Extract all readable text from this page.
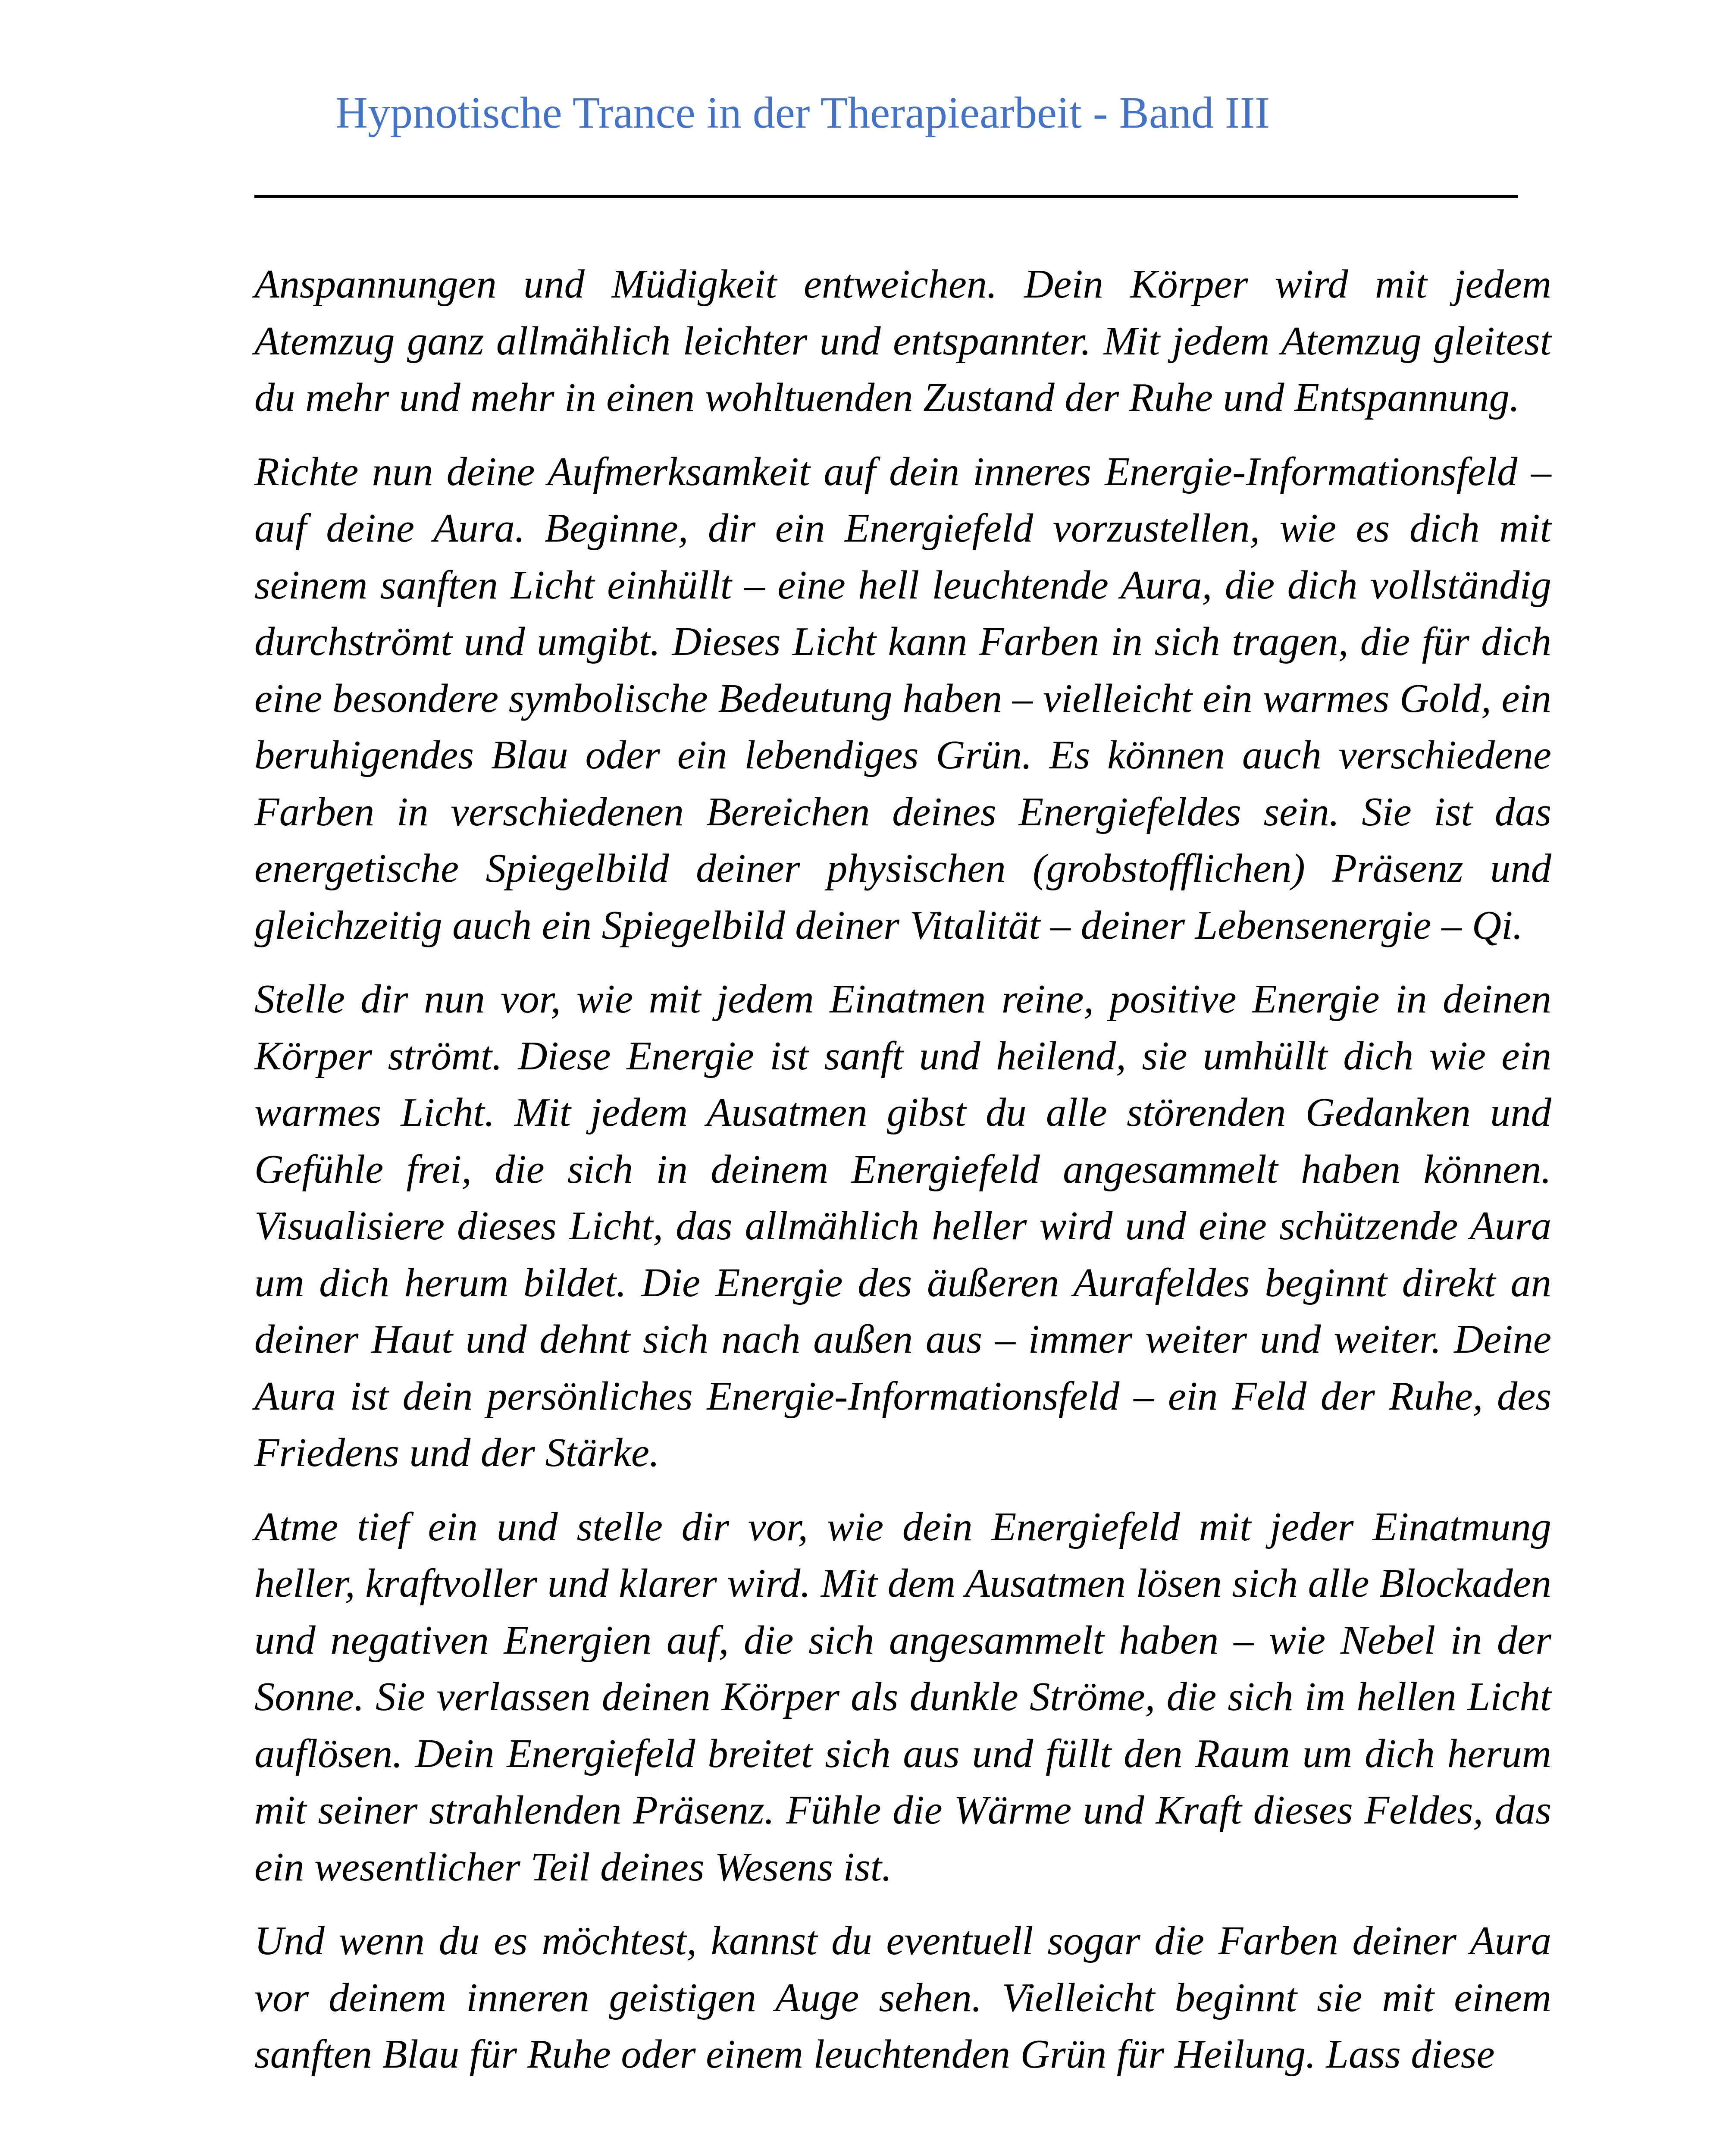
Hypnotische Trance in der Therapiearbeit - Band III

Anspannungen und Müdigkeit entweichen. Dein Körper wird mit jedem Atemzug ganz allmählich leichter und entspannter. Mit jedem Atemzug gleitest du mehr und mehr in einen wohltuenden Zustand der Ruhe und Entspannung.

Richte nun deine Aufmerksamkeit auf dein inneres Energie-Informationsfeld – auf deine Aura. Beginne, dir ein Energiefeld vorzustellen, wie es dich mit seinem sanften Licht einhüllt – eine hell leuchtende Aura, die dich vollständig durchströmt und umgibt. Dieses Licht kann Farben in sich tragen, die für dich eine besondere symbolische Bedeutung haben – vielleicht ein warmes Gold, ein beruhigendes Blau oder ein lebendiges Grün. Es können auch verschiedene Farben in verschiedenen Bereichen deines Energiefeldes sein. Sie ist das energetische Spiegelbild deiner physischen (grobstofflichen) Präsenz und gleichzeitig auch ein Spiegelbild deiner Vitalität – deiner Lebensenergie – Qi.

Stelle dir nun vor, wie mit jedem Einatmen reine, positive Energie in deinen Körper strömt. Diese Energie ist sanft und heilend, sie umhüllt dich wie ein warmes Licht. Mit jedem Ausatmen gibst du alle störenden Gedanken und Gefühle frei, die sich in deinem Energiefeld angesammelt haben können. Visualisiere dieses Licht, das allmählich heller wird und eine schützende Aura um dich herum bildet. Die Energie des äußeren Aurafeldes beginnt direkt an deiner Haut und dehnt sich nach außen aus – immer weiter und weiter. Deine Aura ist dein persönliches Energie-Informationsfeld – ein Feld der Ruhe, des Friedens und der Stärke.

Atme tief ein und stelle dir vor, wie dein Energiefeld mit jeder Einatmung heller, kraftvoller und klarer wird. Mit dem Ausatmen lösen sich alle Blockaden und negativen Energien auf, die sich angesammelt haben – wie Nebel in der Sonne. Sie verlassen deinen Körper als dunkle Ströme, die sich im hellen Licht auflösen. Dein Energiefeld breitet sich aus und füllt den Raum um dich herum mit seiner strahlenden Präsenz. Fühle die Wärme und Kraft dieses Feldes, das ein wesentlicher Teil deines Wesens ist.

Und wenn du es möchtest, kannst du eventuell sogar die Farben deiner Aura vor deinem inneren geistigen Auge sehen. Vielleicht beginnt sie mit einem sanften Blau für Ruhe oder einem leuchtenden Grün für Heilung. Lass diese
